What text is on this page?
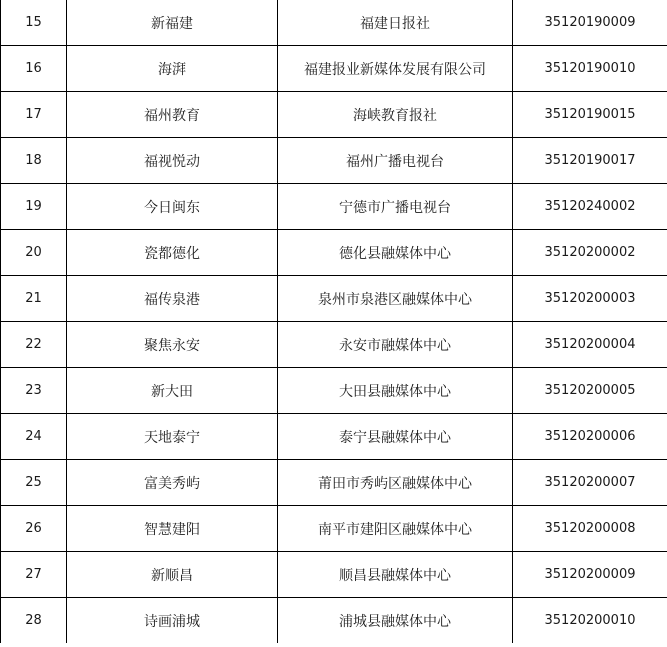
15	新福建	福建日报社	35120190009
16	海湃	福建报业新媒体发展有限公司	35120190010
17	福州教育	海峡教育报社	35120190015
18	福视悦动	福州广播电视台	35120190017
19	今日闽东	宁德市广播电视台	35120240002
20	瓷都德化	德化县融媒体中心	35120200002
21	福传泉港	泉州市泉港区融媒体中心	35120200003
22	聚焦永安	永安市融媒体中心	35120200004
23	新大田	大田县融媒体中心	35120200005
24	天地泰宁	泰宁县融媒体中心	35120200006
25	富美秀屿	莆田市秀屿区融媒体中心	35120200007
26	智慧建阳	南平市建阳区融媒体中心	35120200008
27	新顺昌	顺昌县融媒体中心	35120200009
28	诗画浦城	浦城县融媒体中心	35120200010
